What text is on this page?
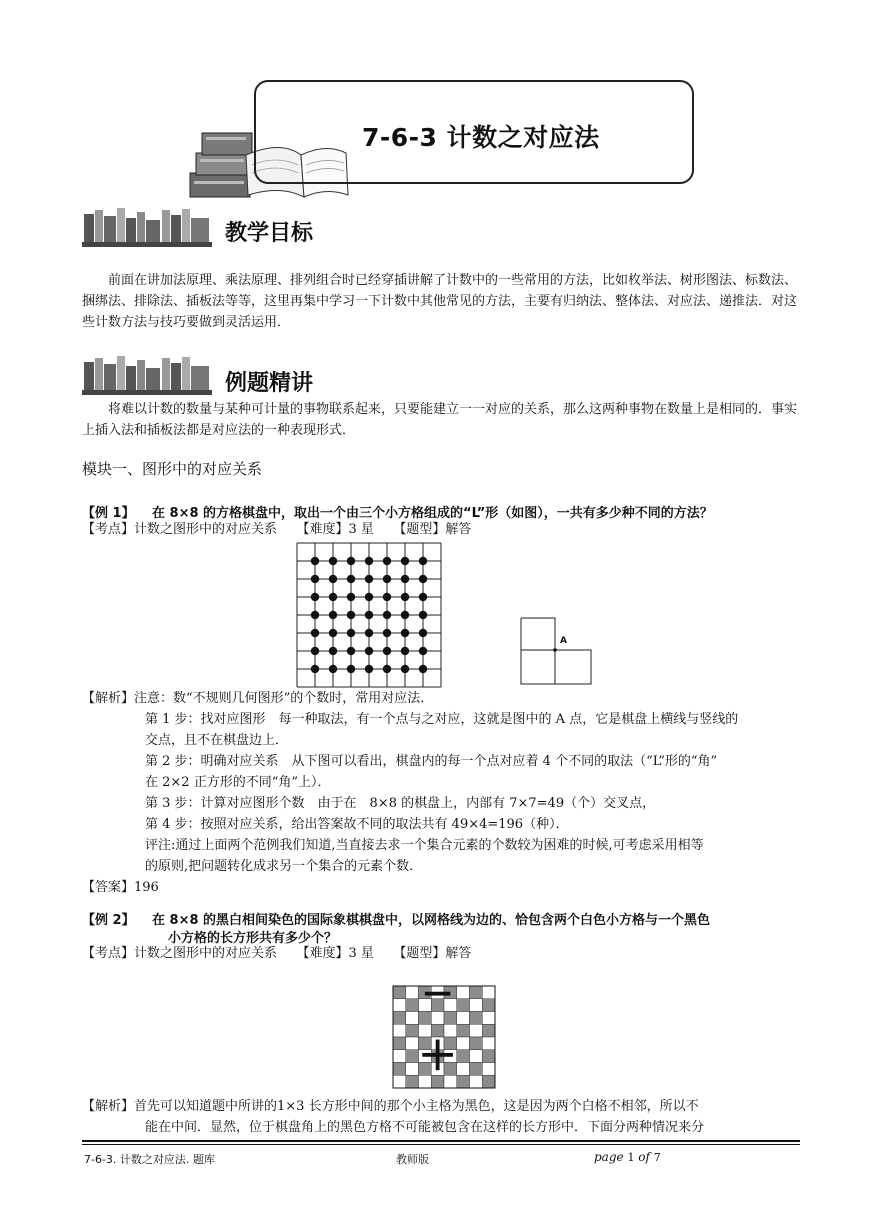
7-6-3 计数之对应法
教学目标
前面在讲加法原理、乘法原理、排列组合时已经穿插讲解了计数中的一些常用的方法，比如枚举法、树形图法、标数法、捆绑法、排除法、插板法等等，这里再集中学习一下计数中其他常见的方法，主要有归纳法、整体法、对应法、递推法．对这些计数方法与技巧要做到灵活运用．
例题精讲
将难以计数的数量与某种可计量的事物联系起来，只要能建立一一对应的关系，那么这两种事物在数量上是相同的．事实上插入法和插板法都是对应法的一种表现形式．
模块一、图形中的对应关系
【例 1】 在 8×8 的方格棋盘中，取出一个由三个小方格组成的“L”形（如图），一共有多少种不同的方法？
【考点】计数之图形中的对应关系　　【难度】3 星　　【题型】解答
A
【解析】注意：数“不规则几何图形”的个数时，常用对应法．
第 1 步：找对应图形　每一种取法，有一个点与之对应，这就是图中的 A 点，它是棋盘上横线与竖线的
交点，且不在棋盘边上．
第 2 步：明确对应关系　从下图可以看出，棋盘内的每一个点对应着 4 个不同的取法（“L”形的“角”
在 2×2 正方形的不同“角”上）．
第 3 步：计算对应图形个数　由于在　8×8 的棋盘上，内部有 7×7=49（个）交叉点，
第 4 步：按照对应关系，给出答案故不同的取法共有 49×4=196（种）．
评注:通过上面两个范例我们知道,当直接去求一个集合元素的个数较为困难的时候,可考虑采用相等
的原则,把问题转化成求另一个集合的元素个数．
【答案】196
【例 2】 在 8×8 的黑白相间染色的国际象棋棋盘中，以网格线为边的、恰包含两个白色小方格与一个黑色
小方格的长方形共有多少个？
【考点】计数之图形中的对应关系　　【难度】3 星　　【题型】解答
【解析】首先可以知道题中所讲的1×3 长方形中间的那个小主格为黑色，这是因为两个白格不相邻，所以不
能在中间．显然，位于棋盘角上的黑色方格不可能被包含在这样的长方形中．下面分两种情况来分
7-6-3. 计数之对应法. 题库	教师版	page 1 of 7
